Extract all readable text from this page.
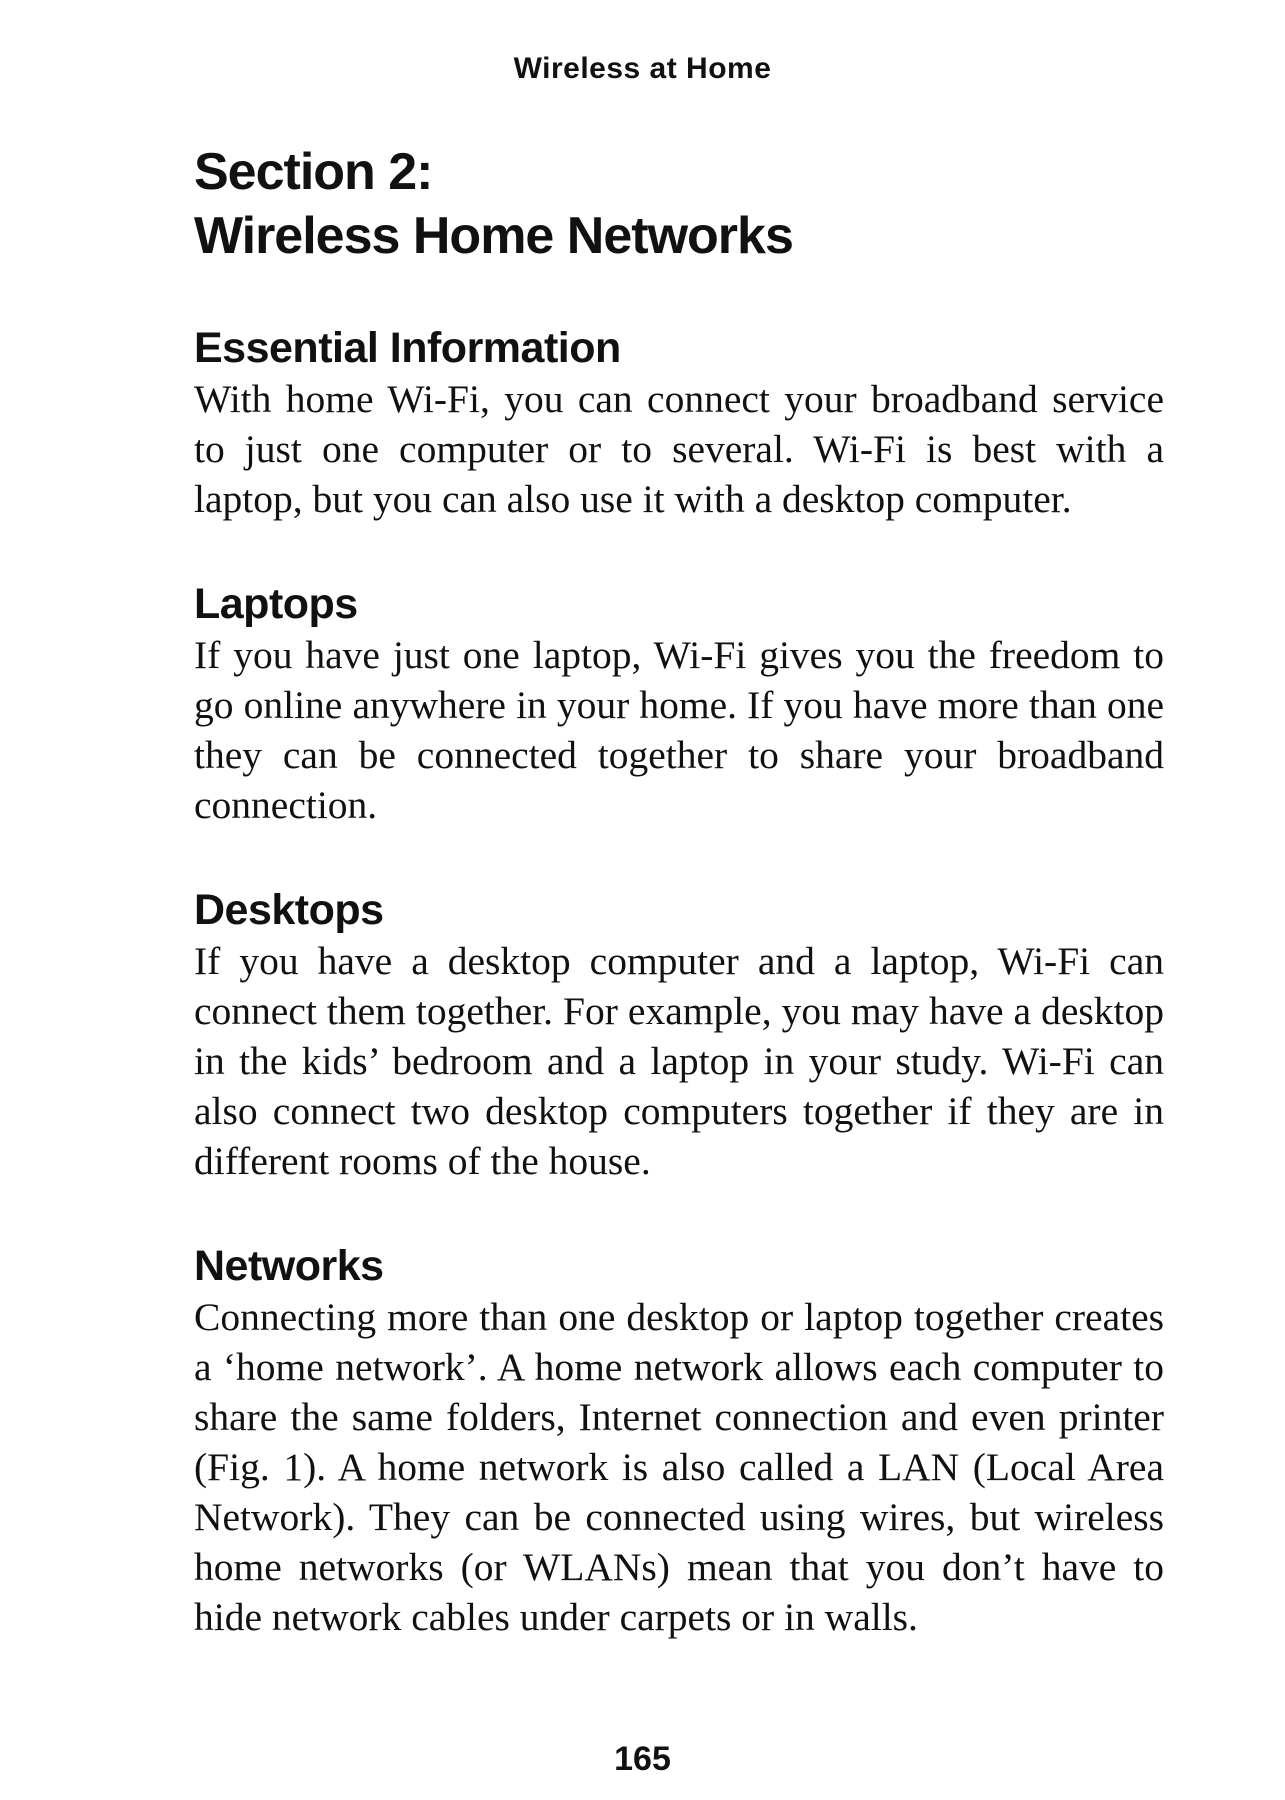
Wireless at Home
Section 2:
Wireless Home Networks
Essential Information

With home Wi-Fi, you can connect your broadband service to just one computer or to several. Wi-Fi is best with a laptop, but you can also use it with a desktop computer.

Laptops

If you have just one laptop, Wi-Fi gives you the freedom to go online anywhere in your home. If you have more than one they can be connected together to share your broadband connection.

Desktops

If you have a desktop computer and a laptop, Wi-Fi can connect them together. For example, you may have a desktop in the kids’ bedroom and a laptop in your study. Wi-Fi can also connect two desktop computers together if they are in different rooms of the house.

Networks

Connecting more than one desktop or laptop together creates a ‘home network’. A home network allows each computer to share the same folders, Internet connection and even printer (Fig. 1). A home network is also called a LAN (Local Area Network). They can be connected using wires, but wireless home networks (or WLANs) mean that you don’t have to hide network cables under carpets or in walls.

165
